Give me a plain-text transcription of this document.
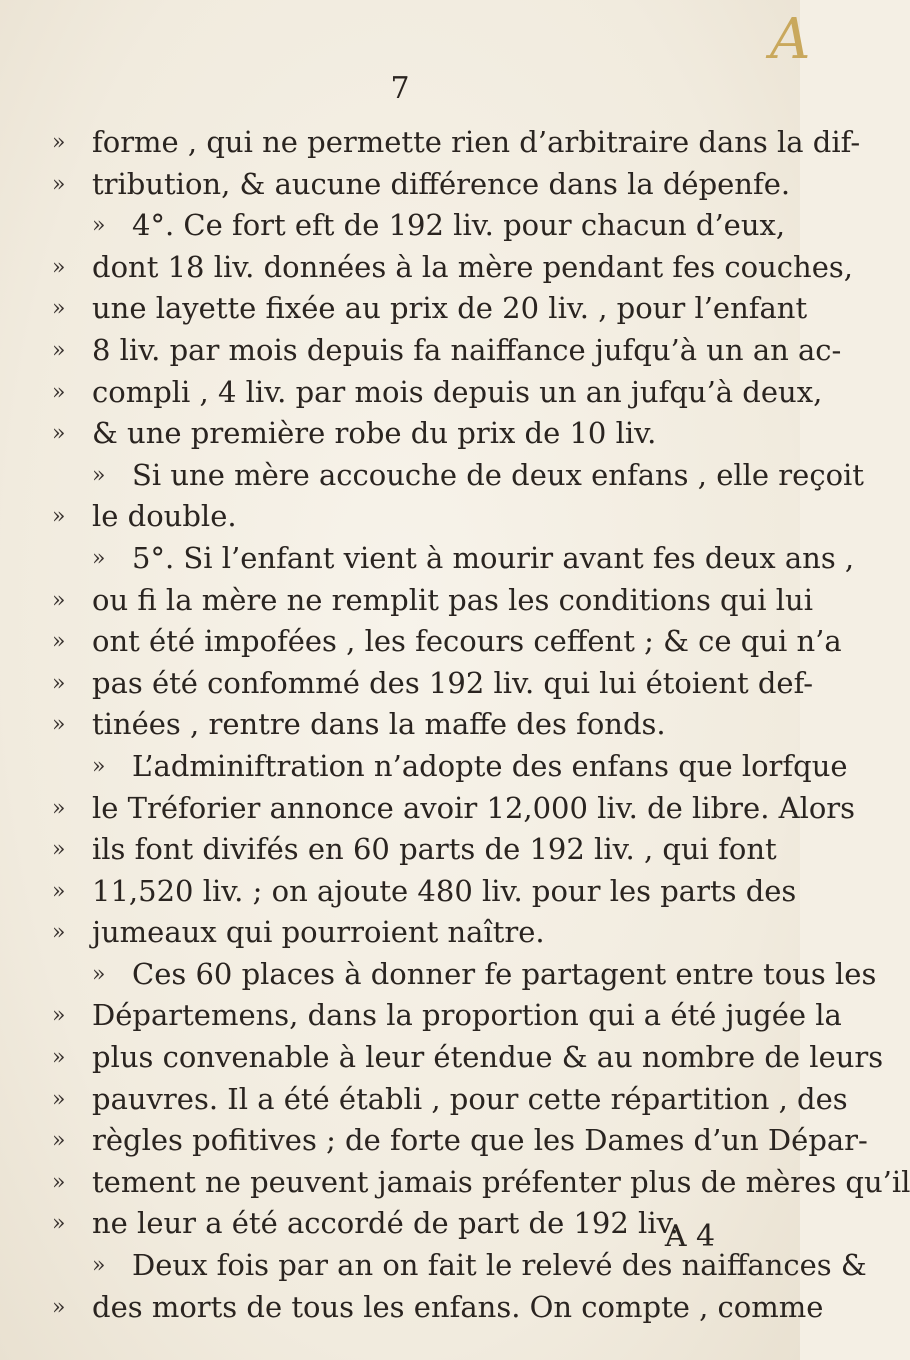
A
7
» forme , qui ne permette rien d’arbitraire dans la dif-
» tribution, & aucune différence dans la dépenfe.
» 4°. Ce fort eft de 192 liv. pour chacun d’eux,
» dont 18 liv. données à la mère pendant fes couches,
» une layette fixée au prix de 20 liv. , pour l’enfant
» 8 liv. par mois depuis fa naiffance jufqu’à un an ac-
» compli , 4 liv. par mois depuis un an jufqu’à deux,
» & une première robe du prix de 10 liv.
» Si une mère accouche de deux enfans , elle reçoit
» le double.
» 5°. Si l’enfant vient à mourir avant fes deux ans ,
» ou fi la mère ne remplit pas les conditions qui lui
» ont été impofées , les fecours ceffent ; & ce qui n’a
» pas été confommé des 192 liv. qui lui étoient def-
» tinées , rentre dans la maffe des fonds.
» L’adminiftration n’adopte des enfans que lorfque
» le Tréforier annonce avoir 12,000 liv. de libre. Alors
» ils font divifés en 60 parts de 192 liv. , qui font
» 11,520 liv. ; on ajoute 480 liv. pour les parts des
» jumeaux qui pourroient naître.
» Ces 60 places à donner fe partagent entre tous les
» Départemens, dans la proportion qui a été jugée la
» plus convenable à leur étendue & au nombre de leurs
» pauvres. Il a été établi , pour cette répartition , des
» règles pofitives ; de forte que les Dames d’un Dépar-
» tement ne peuvent jamais préfenter plus de mères qu’il
» ne leur a été accordé de part de 192 liv.
» Deux fois par an on fait le relevé des naiffances &
» des morts de tous les enfans. On compte , comme
A 4
